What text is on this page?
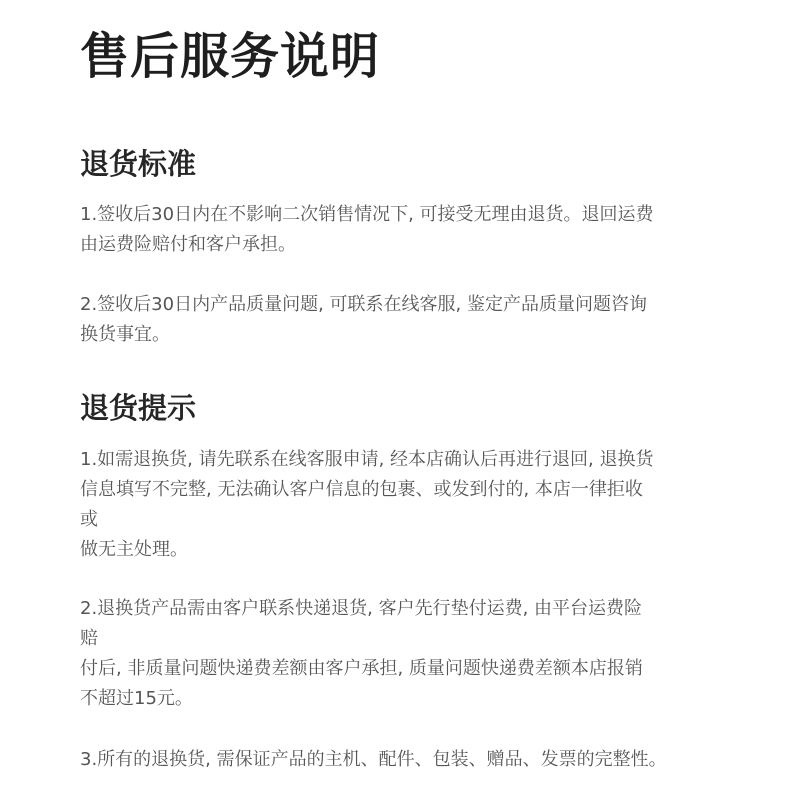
售后服务说明
退货标准

1.签收后30日内在不影响二次销售情况下, 可接受无理由退货。退回运费
由运费险赔付和客户承担。

2.签收后30日内产品质量问题, 可联系在线客服, 鉴定产品质量问题咨询
换货事宜。

退货提示

1.如需退换货, 请先联系在线客服申请, 经本店确认后再进行退回, 退换货
信息填写不完整, 无法确认客户信息的包裹、或发到付的, 本店一律拒收
或
做无主处理。

2.退换货产品需由客户联系快递退货, 客户先行垫付运费, 由平台运费险
赔
付后, 非质量问题快递费差额由客户承担, 质量问题快递费差额本店报销
不超过15元。

3.所有的退换货, 需保证产品的主机、配件、包装、赠品、发票的完整性。
